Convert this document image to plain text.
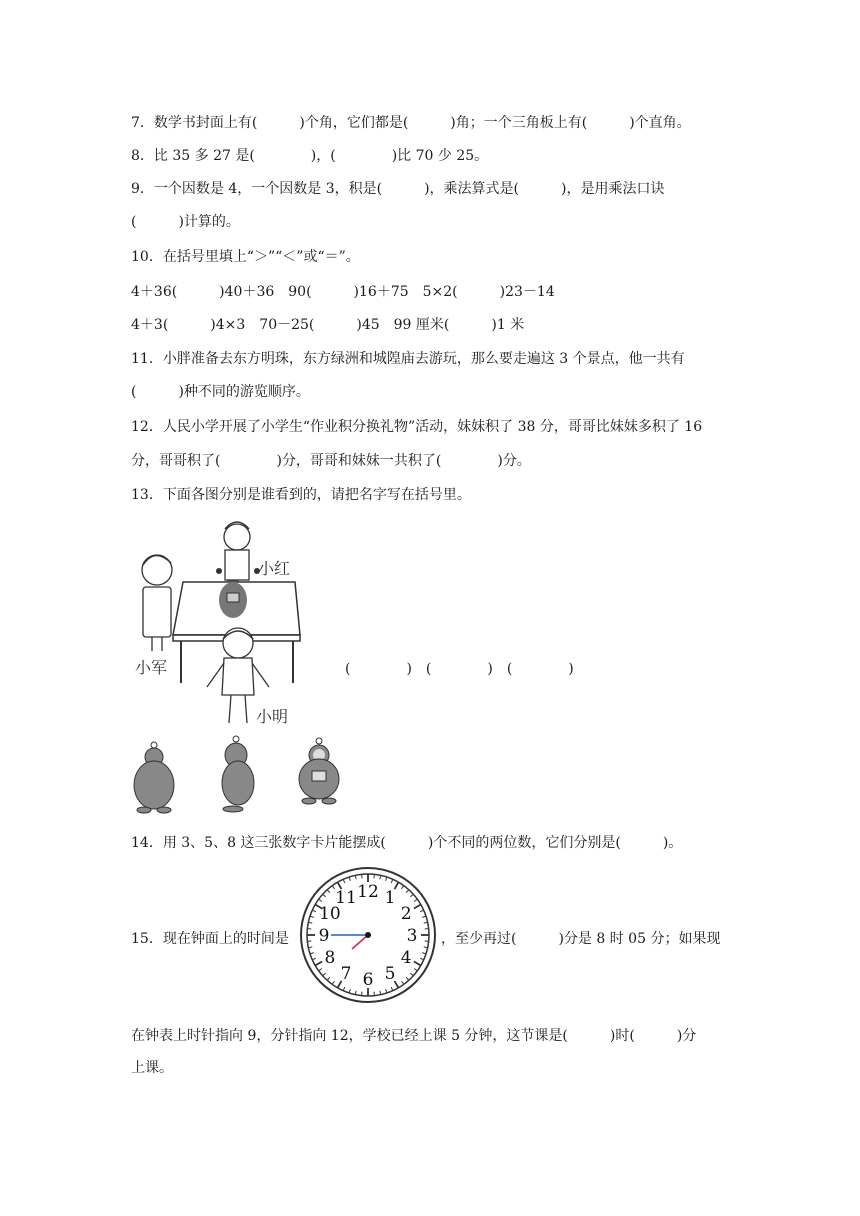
7．数学书封面上有(　　　)个角，它们都是(　　　)角；一个三角板上有(　　　)个直角。
8．比 35 多 27 是(　　　　)，(　　　　)比 70 少 25。
9．一个因数是 4，一个因数是 3，积是(　　　)，乘法算式是(　　　)，是用乘法口诀
(　　　)计算的。
10．在括号里填上“＞”“＜”或“＝”。
4＋36(　　　)40＋36　90(　　　)16＋75　5×2(　　　)23－14
4＋3(　　　)4×3　70－25(　　　)45　99 厘米(　　　)1 米
11．小胖准备去东方明珠，东方绿洲和城隍庙去游玩，那么要走遍这 3 个景点，他一共有
(　　　)种不同的游览顺序。
12．人民小学开展了小学生“作业积分换礼物”活动，妹妹积了 38 分，哥哥比妹妹多积了 16
分，哥哥积了(　　　　)分，哥哥和妹妹一共积了(　　　　)分。
13．下面各图分别是谁看到的，请把名字写在括号里。
小红
小军
小明
(　　　　)　(　　　　)　(　　　　)
14．用 3、5、8 这三张数字卡片能摆成(　　　)个不同的两位数，它们分别是(　　　)。
15．现在钟面上的时间是
12 1
2
3
4
5
6
7
8
9
10
11
，至少再过(　　　)分是 8 时 05 分；如果现
在钟表上时针指向 9，分针指向 12，学校已经上课 5 分钟，这节课是(　　　)时(　　　)分
上课。
